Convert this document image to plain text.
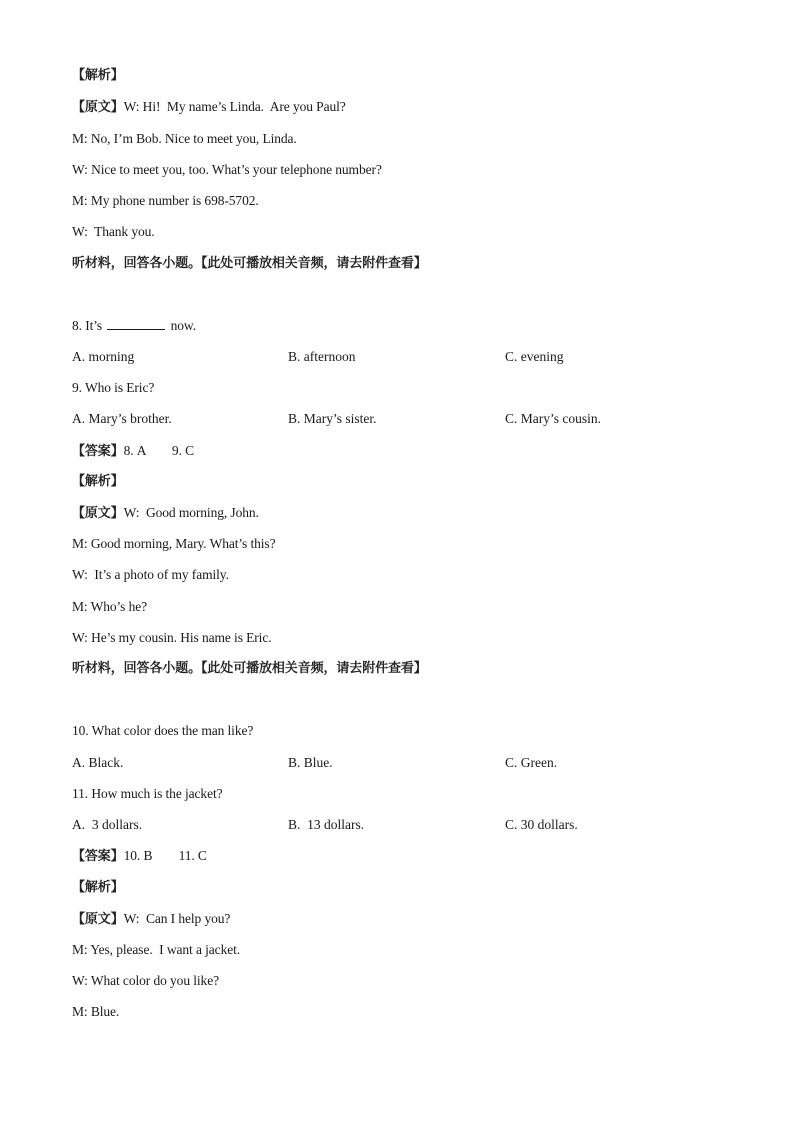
【解析】
【原文】W: Hi!  My name’s Linda.  Are you Paul?
M: No, I’m Bob. Nice to meet you, Linda.
W: Nice to meet you, too. What’s your telephone number?
M: My phone number is 698-5702.
W:  Thank you.
听材料，回答各小题。【此处可播放相关音频，请去附件查看】
8. It’s	now.
A. morning	B. afternoon	C. evening
9. Who is Eric?
A. Mary’s brother.	B. Mary’s sister.	C. Mary’s cousin.
【答案】8. A        9. C
【解析】
【原文】W:  Good morning, John.
M: Good morning, Mary. What’s this?
W:  It’s a photo of my family.
M: Who’s he?
W: He’s my cousin. His name is Eric.
听材料，回答各小题。【此处可播放相关音频，请去附件查看】
10. What color does the man like?
A. Black.	B. Blue.	C. Green.
11. How much is the jacket?
A.  3 dollars.	B.  13 dollars.	C. 30 dollars.
【答案】10. B        11. C
【解析】
【原文】W:  Can I help you?
M: Yes, please.  I want a jacket.
W: What color do you like?
M: Blue.
